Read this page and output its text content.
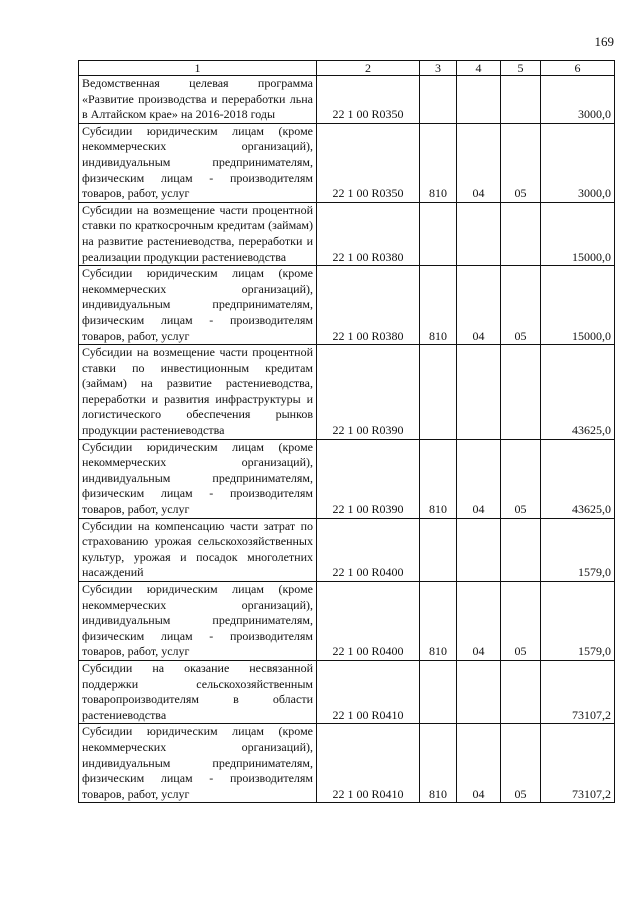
169
1	2	3	4	5	6
Ведомственная целевая программа «Развитие производства и переработки льна в Алтайском крае» на 2016-2018 годы	22 1 00 R0350				3000,0
Субсидии юридическим лицам (кроме некоммерческих организаций), индивидуальным предпринимателям, физическим лицам - производителям товаров, работ, услуг	22 1 00 R0350	810	04	05	3000,0
Субсидии на возмещение части процентной ставки по краткосрочным кредитам (займам) на развитие растениеводства, переработки и реализации продукции растениеводства	22 1 00 R0380				15000,0
Субсидии юридическим лицам (кроме некоммерческих организаций), индивидуальным предпринимателям, физическим лицам - производителям товаров, работ, услуг	22 1 00 R0380	810	04	05	15000,0
Субсидии на возмещение части процентной ставки по инвестиционным кредитам (займам) на развитие растениеводства, переработки и развития инфраструктуры и логистического обеспечения рынков продукции растениеводства	22 1 00 R0390				43625,0
Субсидии юридическим лицам (кроме некоммерческих организаций), индивидуальным предпринимателям, физическим лицам - производителям товаров, работ, услуг	22 1 00 R0390	810	04	05	43625,0
Субсидии на компенсацию части затрат по страхованию урожая сельскохозяйственных культур, урожая и посадок многолетних насаждений	22 1 00 R0400				1579,0
Субсидии юридическим лицам (кроме некоммерческих организаций), индивидуальным предпринимателям, физическим лицам - производителям товаров, работ, услуг	22 1 00 R0400	810	04	05	1579,0
Субсидии на оказание несвязанной поддержки сельскохозяйственным товаропроизводителям в области растениеводства	22 1 00 R0410				73107,2
Субсидии юридическим лицам (кроме некоммерческих организаций), индивидуальным предпринимателям, физическим лицам - производителям товаров, работ, услуг	22 1 00 R0410	810	04	05	73107,2
